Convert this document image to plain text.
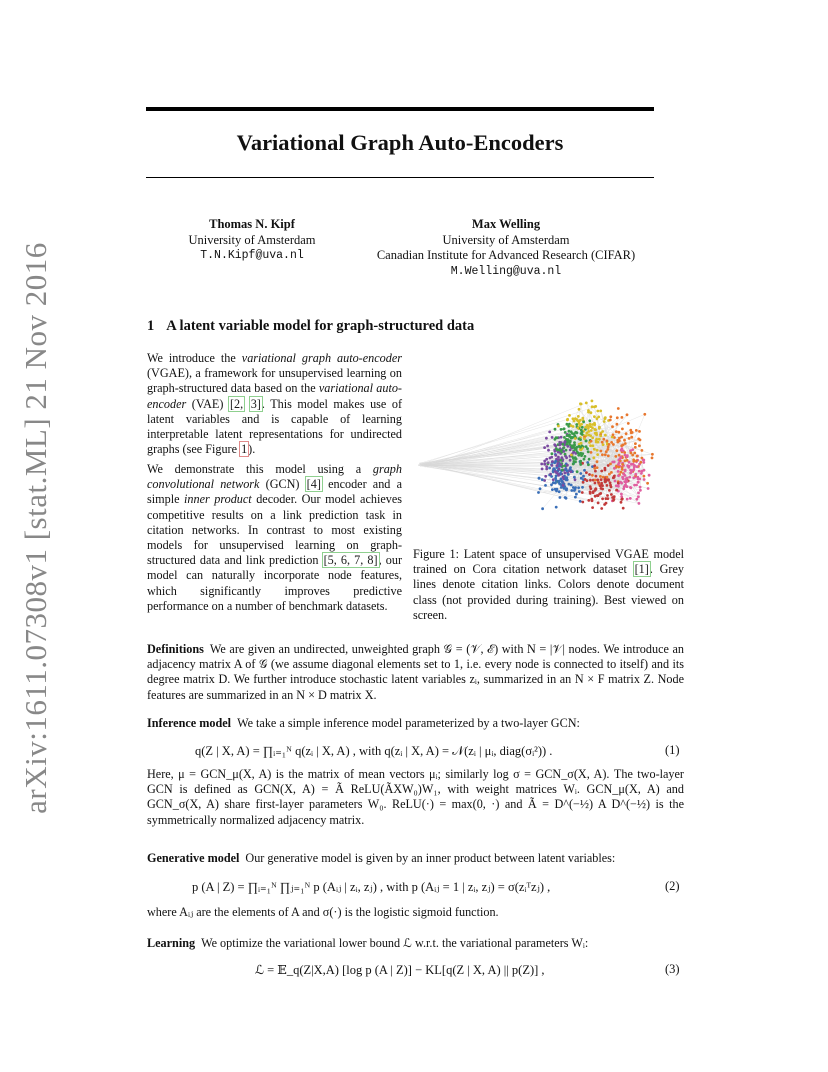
arXiv:1611.07308v1 [stat.ML] 21 Nov 2016
Variational Graph Auto-Encoders
Thomas N. Kipf
University of Amsterdam
T.N.Kipf@uva.nl
Max Welling
University of Amsterdam
Canadian Institute for Advanced Research (CIFAR)
M.Welling@uva.nl
1 A latent variable model for graph-structured data
We introduce the variational graph auto-encoder (VGAE), a framework for unsupervised learning on graph-structured data based on the variational auto-encoder (VAE) [2, 3]. This model makes use of latent variables and is capable of learning interpretable latent representations for undirected graphs (see Figure 1).
We demonstrate this model using a graph convolutional network (GCN) [4] encoder and a simple inner product decoder. Our model achieves competitive results on a link prediction task in citation networks. In contrast to most existing models for unsupervised learning on graph-structured data and link prediction [5, 6, 7, 8], our model can naturally incorporate node features, which significantly improves predictive performance on a number of benchmark datasets.
Figure 1: Latent space of unsupervised VGAE model trained on Cora citation network dataset [1]. Grey lines denote citation links. Colors denote document class (not provided during training). Best viewed on screen.
Definitions We are given an undirected, unweighted graph 𝒢 = (𝒱, ℰ) with N = |𝒱| nodes. We introduce an adjacency matrix A of 𝒢 (we assume diagonal elements set to 1, i.e. every node is connected to itself) and its degree matrix D. We further introduce stochastic latent variables zᵢ, summarized in an N × F matrix Z. Node features are summarized in an N × D matrix X.
Inference model We take a simple inference model parameterized by a two-layer GCN:
q(Z | X, A) = ∏ᵢ₌₁ᴺ q(zᵢ | X, A) , with q(zᵢ | X, A) = 𝒩(zᵢ | μᵢ, diag(σᵢ²)) .	(1)
Here, μ = GCN_μ(X, A) is the matrix of mean vectors μᵢ; similarly log σ = GCN_σ(X, A). The two-layer GCN is defined as GCN(X, A) = Ã ReLU(ÃXW₀)W₁, with weight matrices Wᵢ. GCN_μ(X, A) and GCN_σ(X, A) share first-layer parameters W₀. ReLU(·) = max(0, ·) and Ã = D^(−½) A D^(−½) is the symmetrically normalized adjacency matrix.
Generative model Our generative model is given by an inner product between latent variables:
p (A | Z) = ∏ᵢ₌₁ᴺ ∏ⱼ₌₁ᴺ p (Aᵢⱼ | zᵢ, zⱼ) , with p (Aᵢⱼ = 1 | zᵢ, zⱼ) = σ(zᵢᵀzⱼ) ,	(2)
where Aᵢⱼ are the elements of A and σ(·) is the logistic sigmoid function.
Learning We optimize the variational lower bound ℒ w.r.t. the variational parameters Wᵢ:
ℒ = 𝔼_q(Z|X,A) [log p (A | Z)] − KL[q(Z | X, A) || p(Z)] ,	(3)
